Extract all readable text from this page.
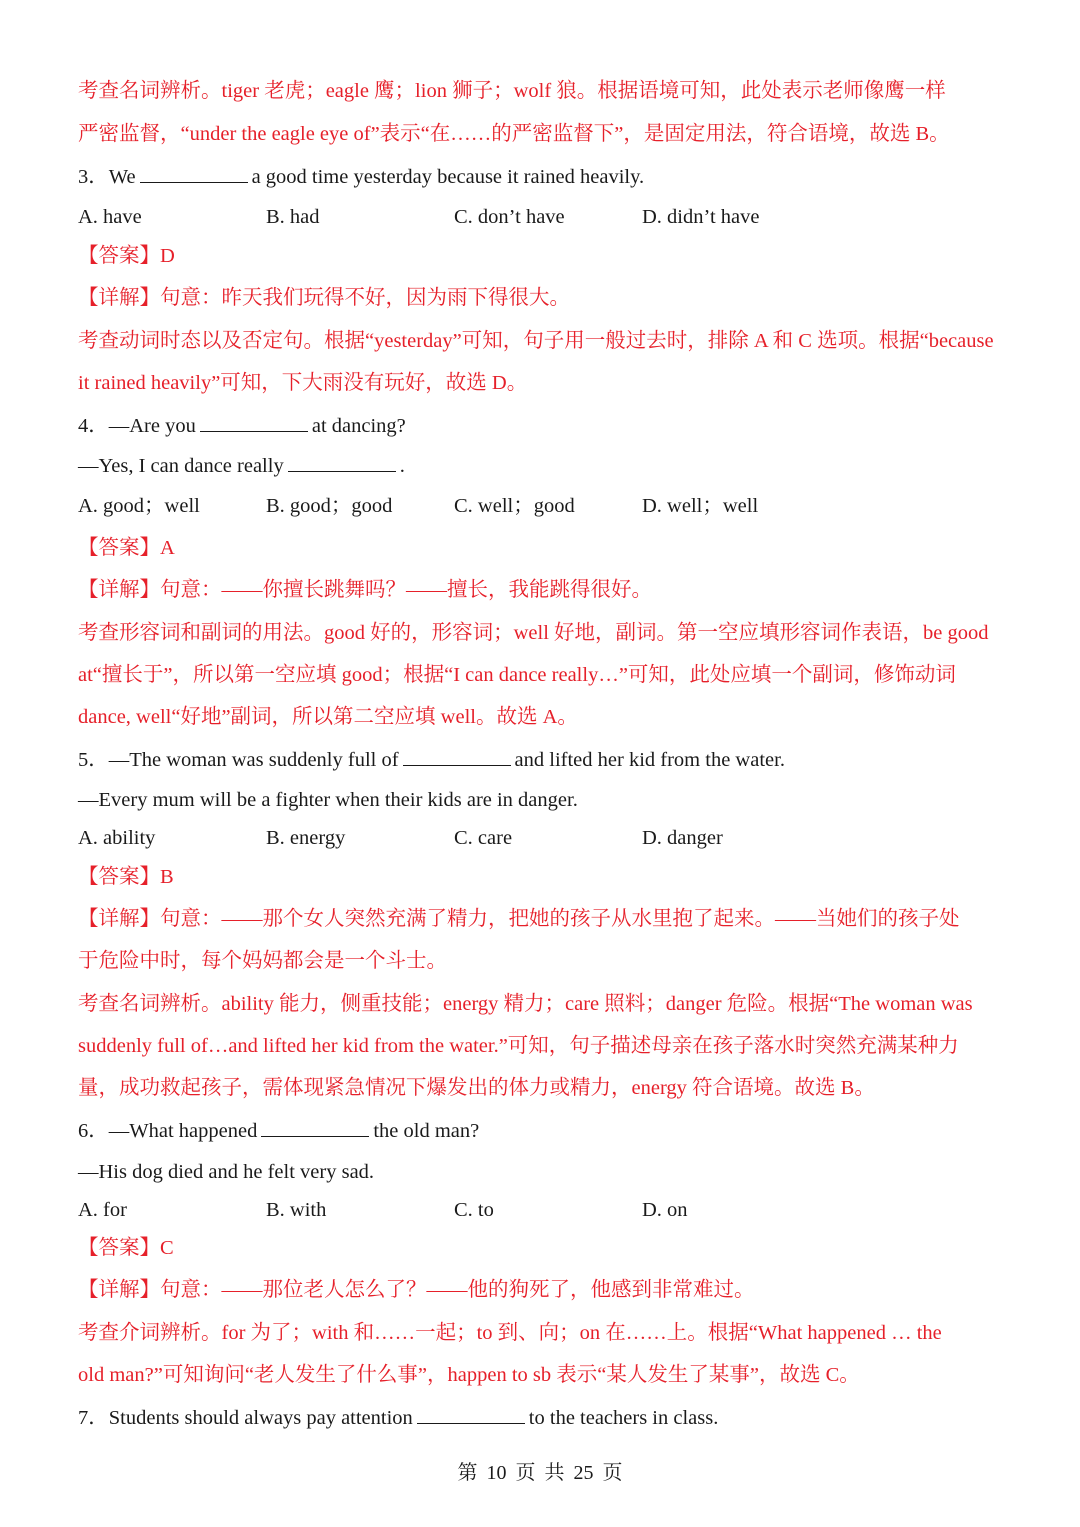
考查名词辨析。tiger 老虎；eagle 鹰；lion 狮子；wolf 狼。根据语境可知，此处表示老师像鹰一样
严密监督，“under the eagle eye of”表示“在……的严密监督下”，是固定用法，符合语境，故选 B。
3．We	a good time yesterday because it rained heavily.
A. have	B. had	C. don’t have	D. didn’t have
【答案】D
【详解】句意：昨天我们玩得不好，因为雨下得很大。
考查动词时态以及否定句。根据“yesterday”可知，句子用一般过去时，排除 A 和 C 选项。根据“because
it rained heavily”可知，下大雨没有玩好，故选 D。
4．—Are you	at dancing?
—Yes, I can dance really	.
A. good；well	B. good；good	C. well；good	D. well；well
【答案】A
【详解】句意：——你擅长跳舞吗？——擅长，我能跳得很好。
考查形容词和副词的用法。good 好的，形容词；well 好地，副词。第一空应填形容词作表语，be good
at“擅长于”，所以第一空应填 good；根据“I can dance really…”可知，此处应填一个副词，修饰动词
dance, well“好地”副词，所以第二空应填 well。故选 A。
5．—The woman was suddenly full of	and lifted her kid from the water.
—Every mum will be a fighter when their kids are in danger.
A. ability	B. energy	C. care	D. danger
【答案】B
【详解】句意：——那个女人突然充满了精力，把她的孩子从水里抱了起来。——当她们的孩子处
于危险中时，每个妈妈都会是一个斗士。
考查名词辨析。ability 能力，侧重技能；energy 精力；care 照料；danger 危险。根据“The woman was
suddenly full of…and lifted her kid from the water.”可知，句子描述母亲在孩子落水时突然充满某种力
量，成功救起孩子，需体现紧急情况下爆发出的体力或精力，energy 符合语境。故选 B。
6．—What happened	the old man?
—His dog died and he felt very sad.
A. for	B. with	C. to	D. on
【答案】C
【详解】句意：——那位老人怎么了？——他的狗死了，他感到非常难过。
考查介词辨析。for 为了；with 和……一起；to 到、向；on 在……上。根据“What happened … the
old man?”可知询问“老人发生了什么事”，happen to sb 表示“某人发生了某事”，故选 C。
7．Students should always pay attention	to the teachers in class.
第 10 页 共 25 页
